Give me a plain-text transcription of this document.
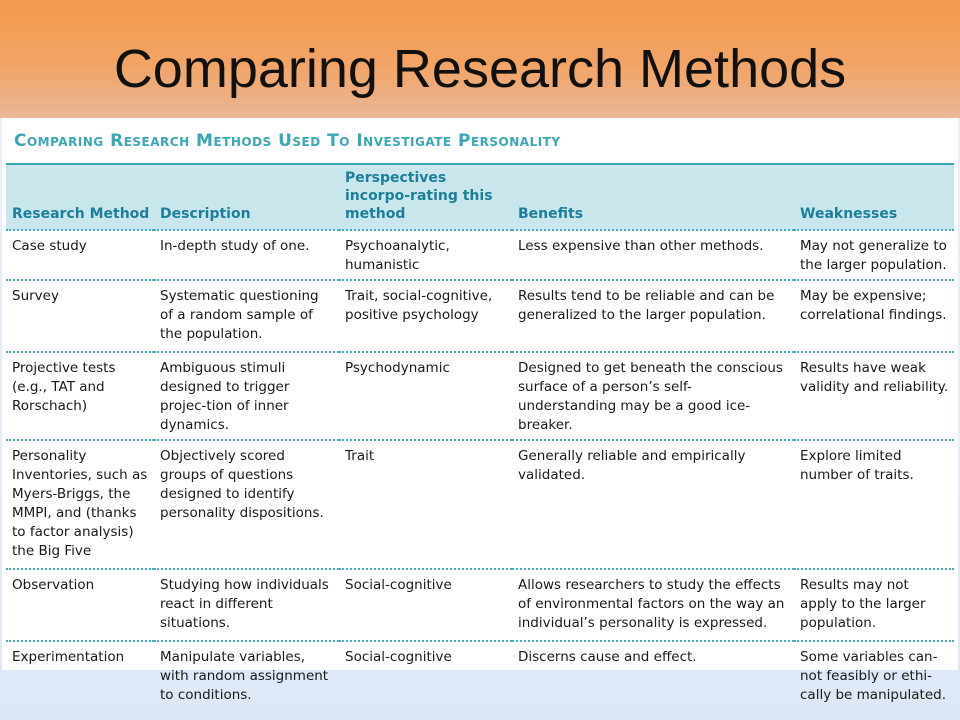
Comparing Research Methods
Comparing Research Methods Used To Investigate Personality
Research Method	Description	Perspectives incorpo-rating this method	Benefits	Weaknesses
Case study	In-depth study of one.	Psychoanalytic, humanistic	Less expensive than other methods.	May not generalize to the larger population.
Survey	Systematic questioning of a random sample of the population.	Trait, social-cognitive, positive psychology	Results tend to be reliable and can be generalized to the larger population.	May be expensive; correlational findings.
Projective tests (e.g., TAT and Rorschach)	Ambiguous stimuli designed to trigger projec-tion of inner dynamics.	Psychodynamic	Designed to get beneath the conscious surface of a person’s self-understanding may be a good ice-breaker.	Results have weak validity and reliability.
Personality Inventories, such as Myers-Briggs, the MMPI, and (thanks to factor analysis) the Big Five	Objectively scored groups of questions designed to identify personality dispositions.	Trait	Generally reliable and empirically validated.	Explore limited number of traits.
Observation	Studying how individuals react in different situations.	Social-cognitive	Allows researchers to study the effects of environmental factors on the way an individual’s personality is expressed.	Results may not apply to the larger population.
Experimentation	Manipulate variables, with random assignment to conditions.	Social-cognitive	Discerns cause and effect.	Some variables can-not feasibly or ethi-cally be manipulated.
